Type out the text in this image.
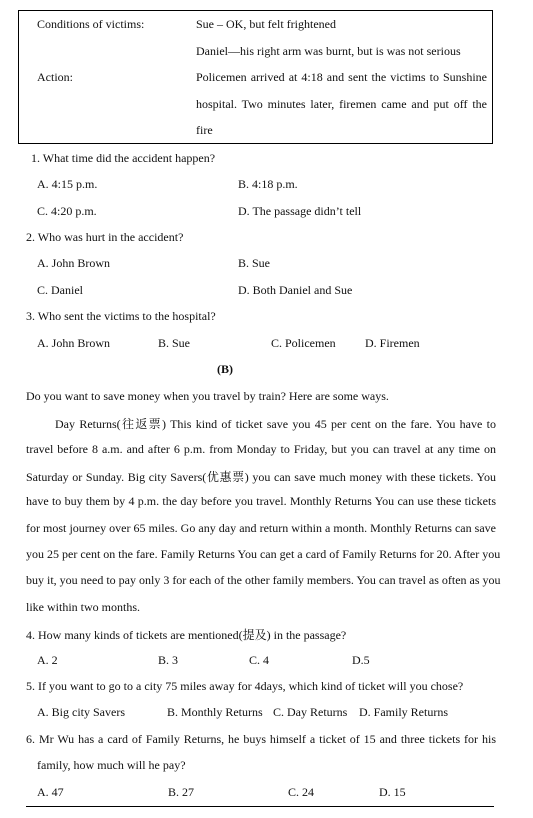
Conditions of victims:	Sue – OK, but felt frightened
Daniel—his right arm was burnt, but is was not serious
Action:	Policemen arrived at 4:18 and sent the victims to Sunshine
hospital. Two minutes later, firemen came and put off the
fire
1. What time did the accident happen?
A. 4:15 p.m.	B. 4:18 p.m.
C. 4:20 p.m.	D. The passage didn’t tell
2. Who was hurt in the accident?
A. John Brown	B. Sue
C. Daniel	D. Both Daniel and Sue
3. Who sent the victims to the hospital?
A. John Brown	B. Sue	C. Policemen D. Firemen
(B)
Do you want to save money when you travel by train? Here are some ways.
Day Returns(往返票) This kind of ticket save you 45 per cent on the fare. You have to
travel before 8 a.m. and after 6 p.m. from Monday to Friday, but you can travel at any time on
Saturday or Sunday. Big city Savers(优惠票) you can save much money with these tickets. You
have to buy them by 4 p.m. the day before you travel. Monthly Returns You can use these tickets
for most journey over 65 miles. Go any day and return within a month. Monthly Returns can save
you 25 per cent on the fare. Family Returns You can get a card of Family Returns for 20. After you
buy it, you need to pay only 3 for each of the other family members. You can travel as often as you
like within two months.
4. How many kinds of tickets are mentioned(提及) in the passage?
A. 2	B. 3	C. 4	D.5
5. If you want to go to a city 75 miles away for 4days, which kind of ticket will you chose?
A. Big city Savers	B. Monthly Returns C. Day Returns D. Family Returns
6. Mr Wu has a card of Family Returns, he buys himself a ticket of 15 and three tickets for his
family, how much will he pay?
A. 47	B. 27	C. 24	D. 15
